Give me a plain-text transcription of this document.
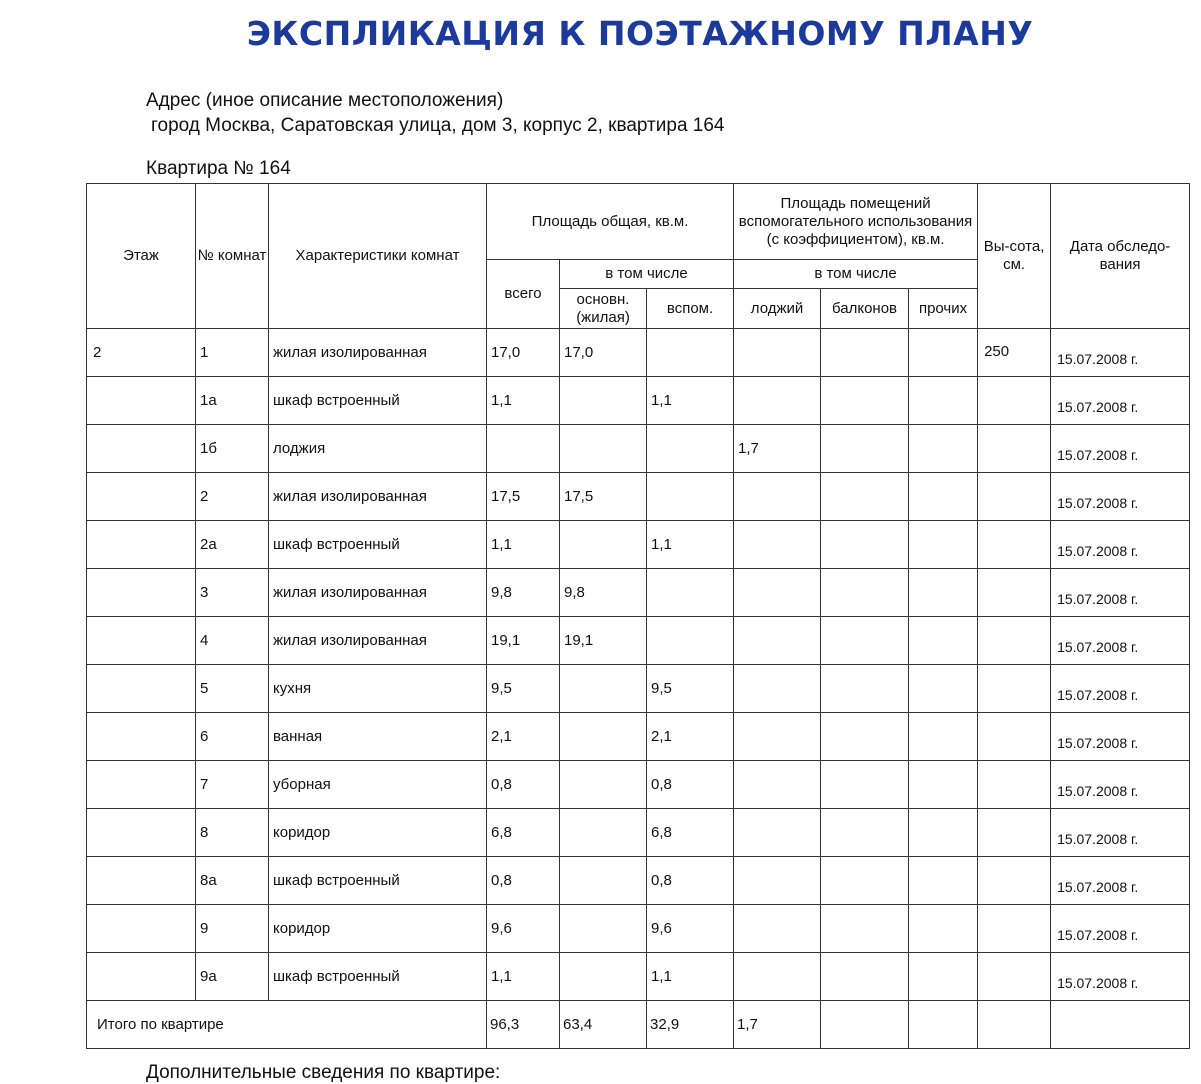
ЭКСПЛИКАЦИЯ К ПОЭТАЖНОМУ ПЛАНУ
Адрес (иное описание местоположения)
город Москва, Саратовская улица, дом 3, корпус 2, квартира 164
Квартира № 164
Этаж	№ комнат	Характеристики комнат	Площадь общая, кв.м.			Площадь помещений вспомогательного использования (с коэффициентом), кв.м.			Вы-сота, см.	Дата обследо-вания
			всего	в том числе		в том числе				
				основн. (жилая)	вспом.	лоджий	балконов	прочих		

2	1	жилая изолированная	17,0	17,0					250	15.07.2008 г.

	1а	шкаф встроенный	1,1		1,1					15.07.2008 г.

	1б	лоджия				1,7				15.07.2008 г.

	2	жилая изолированная	17,5	17,5						15.07.2008 г.

	2а	шкаф встроенный	1,1		1,1					15.07.2008 г.

	3	жилая изолированная	9,8	9,8						15.07.2008 г.

	4	жилая изолированная	19,1	19,1						15.07.2008 г.

	5	кухня	9,5		9,5					15.07.2008 г.

	6	ванная	2,1		2,1					15.07.2008 г.

	7	уборная	0,8		0,8					15.07.2008 г.

	8	коридор	6,8		6,8					15.07.2008 г.

	8а	шкаф встроенный	0,8		0,8					15.07.2008 г.

	9	коридор	9,6		9,6					15.07.2008 г.

	9а	шкаф встроенный	1,1		1,1					15.07.2008 г.

Итого по квартире			96,3	63,4	32,9	1,7				

Дополнительные сведения по квартире:
